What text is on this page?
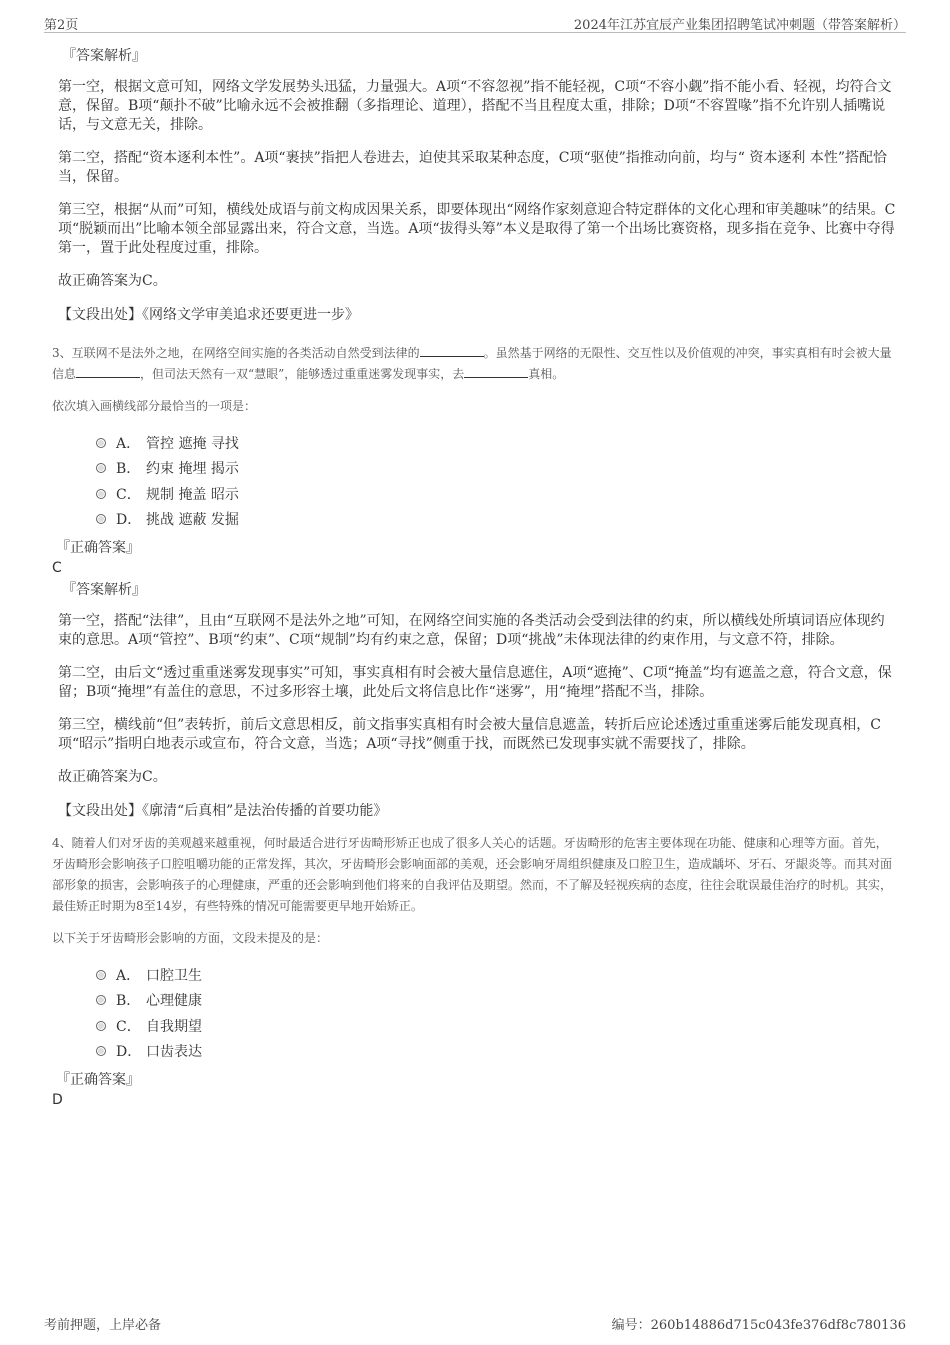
第2页	2024年江苏宜辰产业集团招聘笔试冲刺题（带答案解析）
『答案解析』

第一空，根据文意可知，网络文学发展势头迅猛，力量强大。A项“不容忽视”指不能轻视，C项“不容小觑”指不能小看、轻视，均符合文意，保留。B项“颠扑不破”比喻永远不会被推翻（多指理论、道理），搭配不当且程度太重，排除；D项“不容置喙”指不允许别人插嘴说话，与文意无关，排除。

第二空，搭配“资本逐利本性”。A项“裹挟”指把人卷进去，迫使其采取某种态度，C项“驱使”指推动向前，均与“ 资本逐利 本性”搭配恰当，保留。

第三空，根据“从而”可知，横线处成语与前文构成因果关系，即要体现出“网络作家刻意迎合特定群体的文化心理和审美趣味”的结果。C项“脱颖而出”比喻本领全部显露出来，符合文意，当选。A项“拔得头筹”本义是取得了第一个出场比赛资格，现多指在竞争、比赛中夺得第一，置于此处程度过重，排除。

故正确答案为C。

【文段出处】《网络文学审美追求还要更进一步》

3、互联网不是法外之地，在网络空间实施的各类活动自然受到法律的	。虽然基于网络的无限性、交互性以及价值观的冲突，事实真相有时会被大量信息	，但司法天然有一双“慧眼”，能够透过重重迷雾发现事实，去	真相。

依次填入画横线部分最恰当的一项是：

A． 管控 遮掩 寻找
B． 约束 掩埋 揭示
C． 规制 掩盖 昭示
D． 挑战 遮蔽 发掘
『正确答案』
C
『答案解析』

第一空，搭配“法律”，且由“互联网不是法外之地”可知，在网络空间实施的各类活动会受到法律的约束，所以横线处所填词语应体现约束的意思。A项“管控”、B项“约束”、C项“规制”均有约束之意，保留；D项“挑战”未体现法律的约束作用，与文意不符，排除。

第二空，由后文“透过重重迷雾发现事实”可知，事实真相有时会被大量信息遮住，A项“遮掩”、C项“掩盖”均有遮盖之意，符合文意，保留；B项“掩埋”有盖住的意思，不过多形容土壤，此处后文将信息比作“迷雾”，用“掩埋”搭配不当，排除。

第三空，横线前“但”表转折，前后文意思相反，前文指事实真相有时会被大量信息遮盖，转折后应论述透过重重迷雾后能发现真相，C项“昭示”指明白地表示或宣布，符合文意，当选；A项“寻找”侧重于找，而既然已发现事实就不需要找了，排除。

故正确答案为C。

【文段出处】《廓清“后真相”是法治传播的首要功能》

4、随着人们对牙齿的美观越来越重视，何时最适合进行牙齿畸形矫正也成了很多人关心的话题。牙齿畸形的危害主要体现在功能、健康和心理等方面。首先，牙齿畸形会影响孩子口腔咀嚼功能的正常发挥，其次，牙齿畸形会影响面部的美观，还会影响牙周组织健康及口腔卫生，造成龋坏、牙石、牙龈炎等。而其对面部形象的损害，会影响孩子的心理健康，严重的还会影响到他们将来的自我评估及期望。然而，不了解及轻视疾病的态度，往往会耽误最佳治疗的时机。其实，最佳矫正时期为8至14岁，有些特殊的情况可能需要更早地开始矫正。

以下关于牙齿畸形会影响的方面，文段未提及的是：

A． 口腔卫生
B． 心理健康
C． 自我期望
D． 口齿表达
『正确答案』
D
考前押题，上岸必备	编号：260b14886d715c043fe376df8c780136
